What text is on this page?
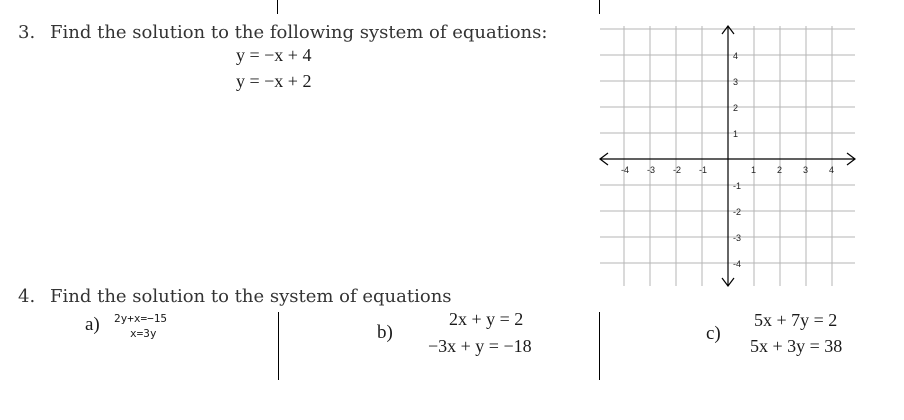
3. Find the solution to the following system of equations:
y = −x + 4
y = −x + 2
-4 -3 -2 -1	1 2 3 4
4
3
2
1
-1
-2
-3
-4
4. Find the solution to the system of equations
a) 2y+x=−15
x=3y	b)
2x + y = 2
−3x + y = −18
c)
5x + 7y = 2
5x + 3y = 38
